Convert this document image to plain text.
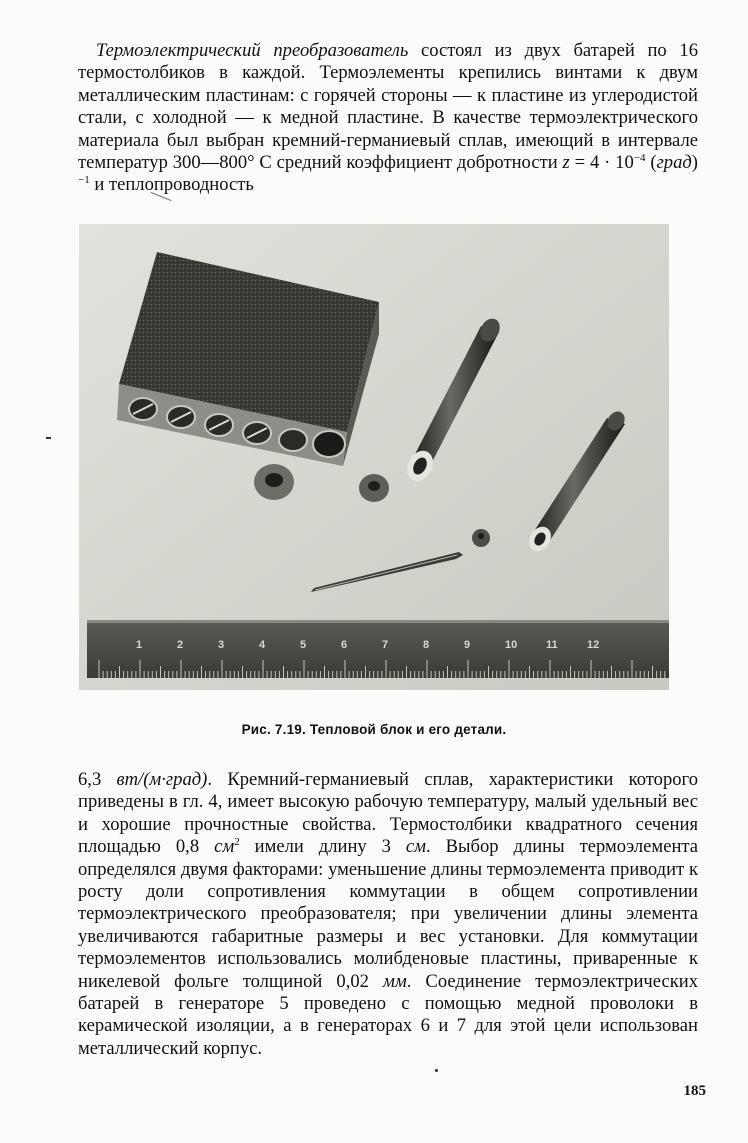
Термоэлектрический преобразователь состоял из двух батарей по 16 термостолбиков в каждой. Термоэлементы крепились винтами к двум металлическим пластинам: с горячей стороны — к пластине из углеродистой стали, с холодной — к медной пластине. В качестве термоэлектрического материала был выбран кремний-германиевый сплав, имеющий в интервале температур 300—800° С средний коэффициент добротности $z = 4 \cdot 10^{-4}$ (град)$^{-1}$ и теплопроводность
1	2	3	4	5	6	7	8	9	10	11	12
Рис. 7.19. Тепловой блок и его детали.
6,3 вт/(м·град). Кремний-германиевый сплав, характеристики которого приведены в гл. 4, имеет высокую рабочую температуру, малый удельный вес и хорошие прочностные свойства. Термостолбики квадратного сечения площадью 0,8 $см^2$ имели длину 3 см. Выбор длины термоэлемента определялся двумя факторами: уменьшение длины термоэлемента приводит к росту доли сопротивления коммутации в общем сопротивлении термоэлектрического преобразователя; при увеличении длины элемента увеличиваются габаритные размеры и вес установки. Для коммутации термоэлементов использовались молибденовые пластины, приваренные к никелевой фольге толщиной 0,02 мм. Соединение термоэлектрических батарей в генераторе 5 проведено с помощью медной проволоки в керамической изоляции, а в генераторах 6 и 7 для этой цели использован металлический корпус.
185
